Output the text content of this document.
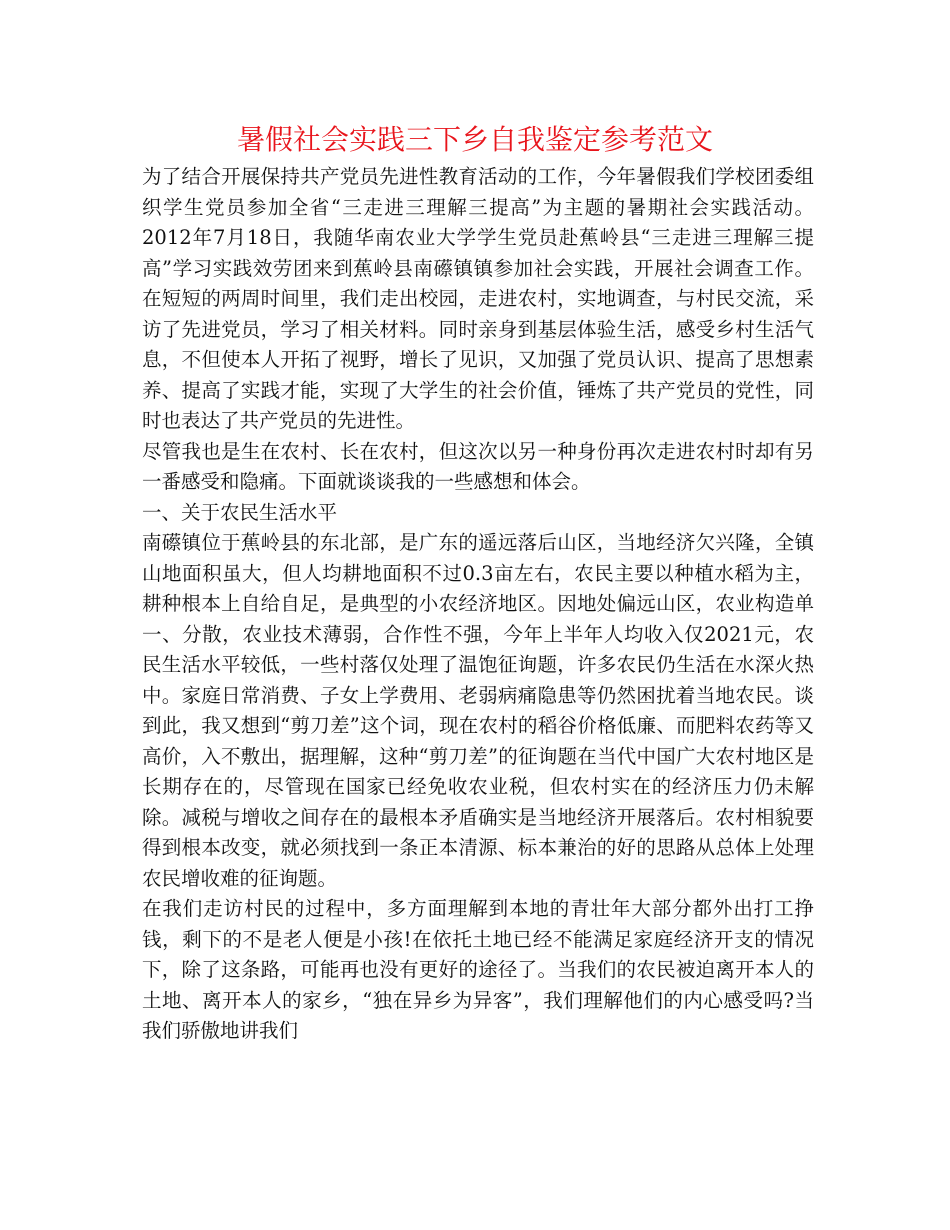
暑假社会实践三下乡自我鉴定参考范文

为了结合开展保持共产党员先进性教育活动的工作，今年暑假我们学校团委组织学生党员参加全省“三走进三理解三提高”为主题的暑期社会实践活动。2012年7月18日，我随华南农业大学学生党员赴蕉岭县“三走进三理解三提高”学习实践效劳团来到蕉岭县南礤镇镇参加社会实践，开展社会调查工作。在短短的两周时间里，我们走出校园，走进农村，实地调查，与村民交流，采访了先进党员，学习了相关材料。同时亲身到基层体验生活，感受乡村生活气息，不但使本人开拓了视野，增长了见识，又加强了党员认识、提高了思想素养、提高了实践才能，实现了大学生的社会价值，锤炼了共产党员的党性，同时也表达了共产党员的先进性。

尽管我也是生在农村、长在农村，但这次以另一种身份再次走进农村时却有另一番感受和隐痛。下面就谈谈我的一些感想和体会。

一、关于农民生活水平

南礤镇位于蕉岭县的东北部，是广东的遥远落后山区，当地经济欠兴隆，全镇山地面积虽大，但人均耕地面积不过0.3亩左右，农民主要以种植水稻为主，耕种根本上自给自足，是典型的小农经济地区。因地处偏远山区，农业构造单一、分散，农业技术薄弱，合作性不强，今年上半年人均收入仅2021元，农民生活水平较低，一些村落仅处理了温饱征询题，许多农民仍生活在水深火热中。家庭日常消费、子女上学费用、老弱病痛隐患等仍然困扰着当地农民。谈到此，我又想到“剪刀差”这个词，现在农村的稻谷价格低廉、而肥料农药等又高价，入不敷出，据理解，这种“剪刀差”的征询题在当代中国广大农村地区是长期存在的，尽管现在国家已经免收农业税，但农村实在的经济压力仍未解除。减税与增收之间存在的最根本矛盾确实是当地经济开展落后。农村相貌要得到根本改变，就必须找到一条正本清源、标本兼治的好的思路从总体上处理农民增收难的征询题。

在我们走访村民的过程中，多方面理解到本地的青壮年大部分都外出打工挣钱，剩下的不是老人便是小孩!在依托土地已经不能满足家庭经济开支的情况下，除了这条路，可能再也没有更好的途径了。当我们的农民被迫离开本人的土地、离开本人的家乡，“独在异乡为异客”，我们理解他们的内心感受吗?当我们骄傲地讲我们
